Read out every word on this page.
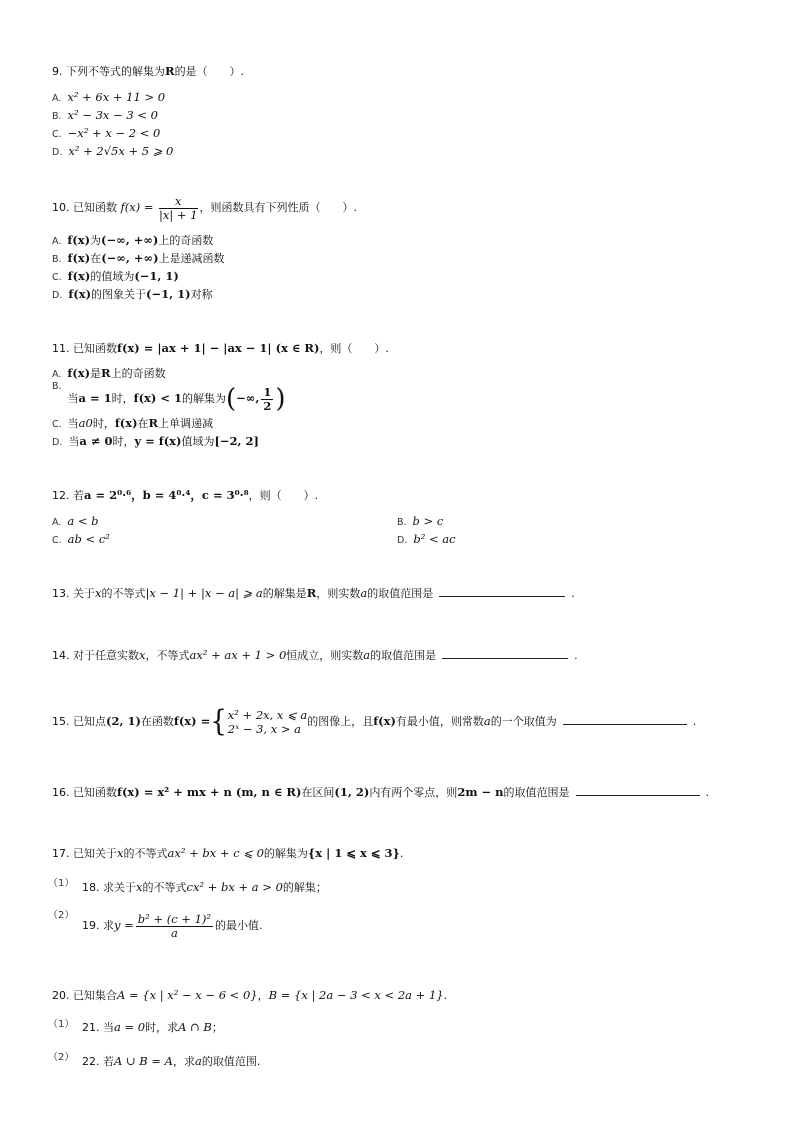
9. 下列不等式的解集为R的是（　　）.
A. x² + 6x + 11 > 0
B. x² − 3x − 3 < 0
C. −x² + x − 2 < 0
D. x² + 2√5x + 5 ⩾ 0
10. 已知函数 $f(x) = \frac{x}{|x| + 1}$ ，则函数具有下列性质（　　）.
A. f(x)为(−∞, +∞)上的奇函数
B. f(x)在(−∞, +∞)上是递减函数
C. f(x)的值域为(−1, 1)
D. f(x)的图象关于(−1, 1)对称
11. 已知函数f(x) = |ax + 1| − |ax − 1| (x ∈ R)，则（　　）.
A. f(x)是R上的奇函数
B.当a = 1时，f(x) < 1的解集为(−∞, $\frac{1}{2}$ )
C. 当a0时，f(x)在R上单调递减
D. 当a ≠ 0时，y = f(x)值域为[−2, 2]
12. 若a = 2⁰·⁶，b = 4⁰·⁴，c = 3⁰·⁸，则（　　）.
A. a < b	B. b > c
C. ab < c²	D. b² < ac
13. 关于x的不等式|x − 1| + |x − a| ⩾ a的解集是R，则实数a的取值范围是	.
14. 对于任意实数x，不等式ax² + ax + 1 > 0恒成立，则实数a的取值范围是	.
15. 已知点(2, 1)在函数f(x) ={ x² + 2x, x ⩽ a
2ˣ − 3, x > a
的图像上，且f(x)有最小值，则常数a的一个取值为	.
16. 已知函数f(x) = x² + mx + n (m, n ∈ R)在区间(1, 2)内有两个零点，则2m − n的取值范围是	.
17. 已知关于x的不等式ax² + bx + c ⩽ 0的解集为{x | 1 ⩽ x ⩽ 3}.
（1） 18. 求关于x的不等式cx² + bx + a > 0的解集；
（2）
19. 求$y = \frac{\text{b² + (c + 1)²}}{a}$ 的最小值.
20. 已知集合A = {x | x² − x − 6 < 0}，B = {x | 2a − 3 < x < 2a + 1}.
（1） 21. 当a = 0时，求A ∩ B；
（2） 22. 若A ∪ B = A，求a的取值范围.
